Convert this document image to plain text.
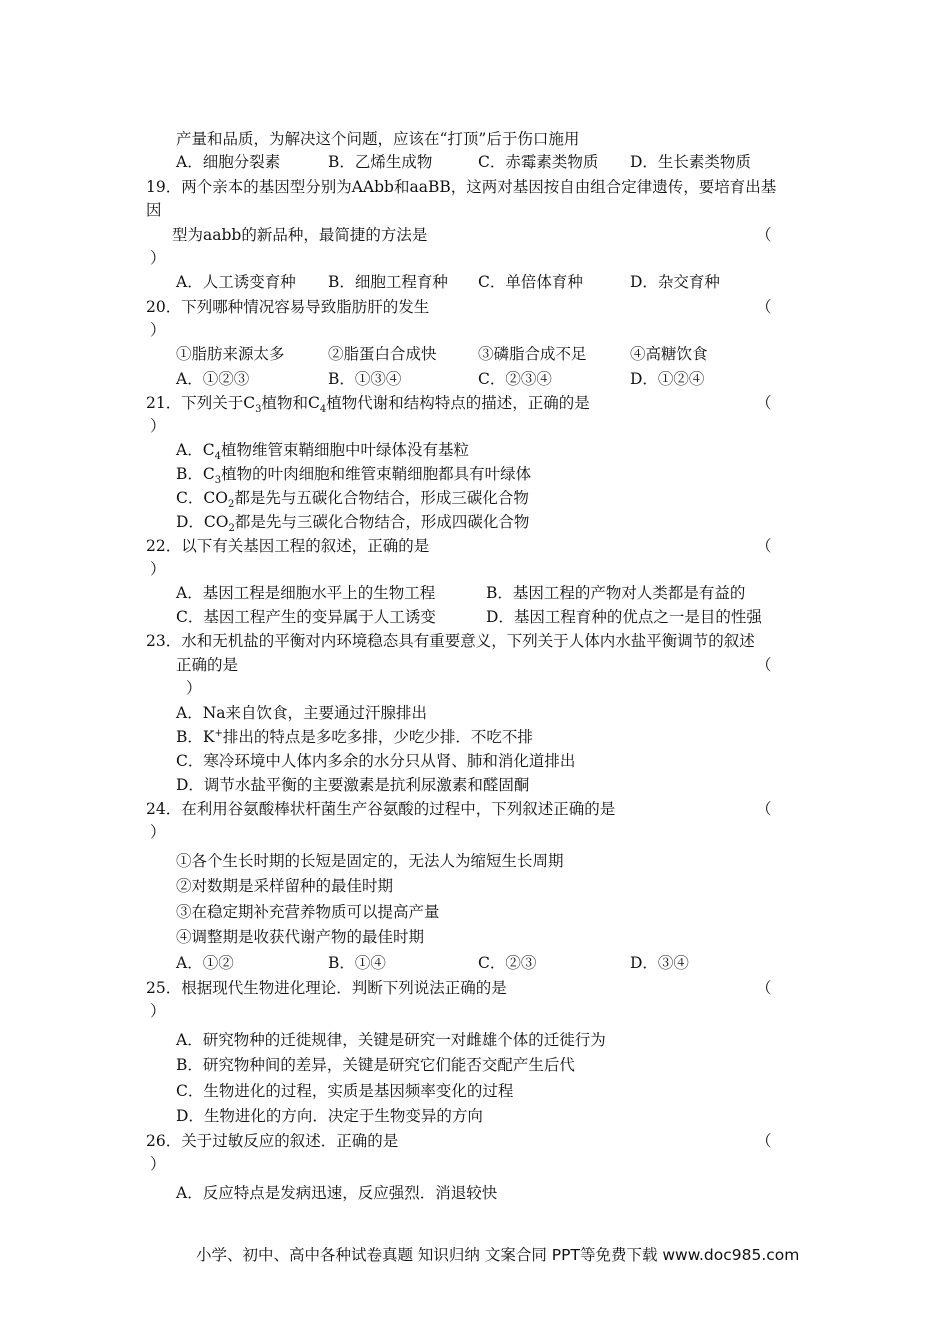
产量和品质，为解决这个问题，应该在“打顶”后于伤口施用
A．细胞分裂素	B．乙烯生成物	C．赤霉素类物质 D．生长素类物质
19．两个亲本的基因型分别为AAbb和aaBB，这两对基因按自由组合定律遗传，要培育出基
因
型为aabb的新品种，最简捷的方法是	（
）
A．人工诱变育种 B．细胞工程育种 C．单倍体育种	D．杂交育种
20．下列哪种情况容易导致脂肪肝的发生	（
）
①脂肪来源太多	②脂蛋白合成快	③磷脂合成不足	④高糖饮食
A．①②③	B．①③④	C．②③④	D．①②④
21．下列关于$C_3$植物和$C_4$植物代谢和结构特点的描述，正确的是	（
）
A．$C_4$植物维管束鞘细胞中叶绿体没有基粒
B．$C_3$植物的叶肉细胞和维管束鞘细胞都具有叶绿体
C．$CO_2$都是先与五碳化合物结合，形成三碳化合物
D．$CO_2$都是先与三碳化合物结合，形成四碳化合物
22．以下有关基因工程的叙述，正确的是	（
）
A．基因工程是细胞水平上的生物工程	B．基因工程的产物对人类都是有益的
C．基因工程产生的变异属于人工诱变	D．基因工程育种的优点之一是目的性强
23．水和无机盐的平衡对内环境稳态具有重要意义，下列关于人体内水盐平衡调节的叙述
正确的是	（
）
A．Na来自饮食，主要通过汗腺排出
B．K+排出的特点是多吃多排，少吃少排．不吃不排
C．寒冷环境中人体内多余的水分只从肾、肺和消化道排出
D．调节水盐平衡的主要激素是抗利尿激素和醛固酮
24．在利用谷氨酸棒状杆菌生产谷氨酸的过程中，下列叙述正确的是	（
）
①各个生长时期的长短是固定的，无法人为缩短生长周期
②对数期是采样留种的最佳时期
③在稳定期补充营养物质可以提高产量
④调整期是收获代谢产物的最佳时期
A．①②	B．①④	C．②③	D．③④
25．根据现代生物进化理论．判断下列说法正确的是	（
）
A．研究物种的迁徙规律，关键是研究一对雌雄个体的迁徙行为
B．研究物种间的差异，关键是研究它们能否交配产生后代
C．生物进化的过程，实质是基因频率变化的过程
D．生物进化的方向．决定于生物变异的方向
26．关于过敏反应的叙述．正确的是	（
）
A．反应特点是发病迅速，反应强烈．消退较快
小学、初中、高中各种试卷真题 知识归纳 文案合同 PPT等免费下载 www.doc985.com
